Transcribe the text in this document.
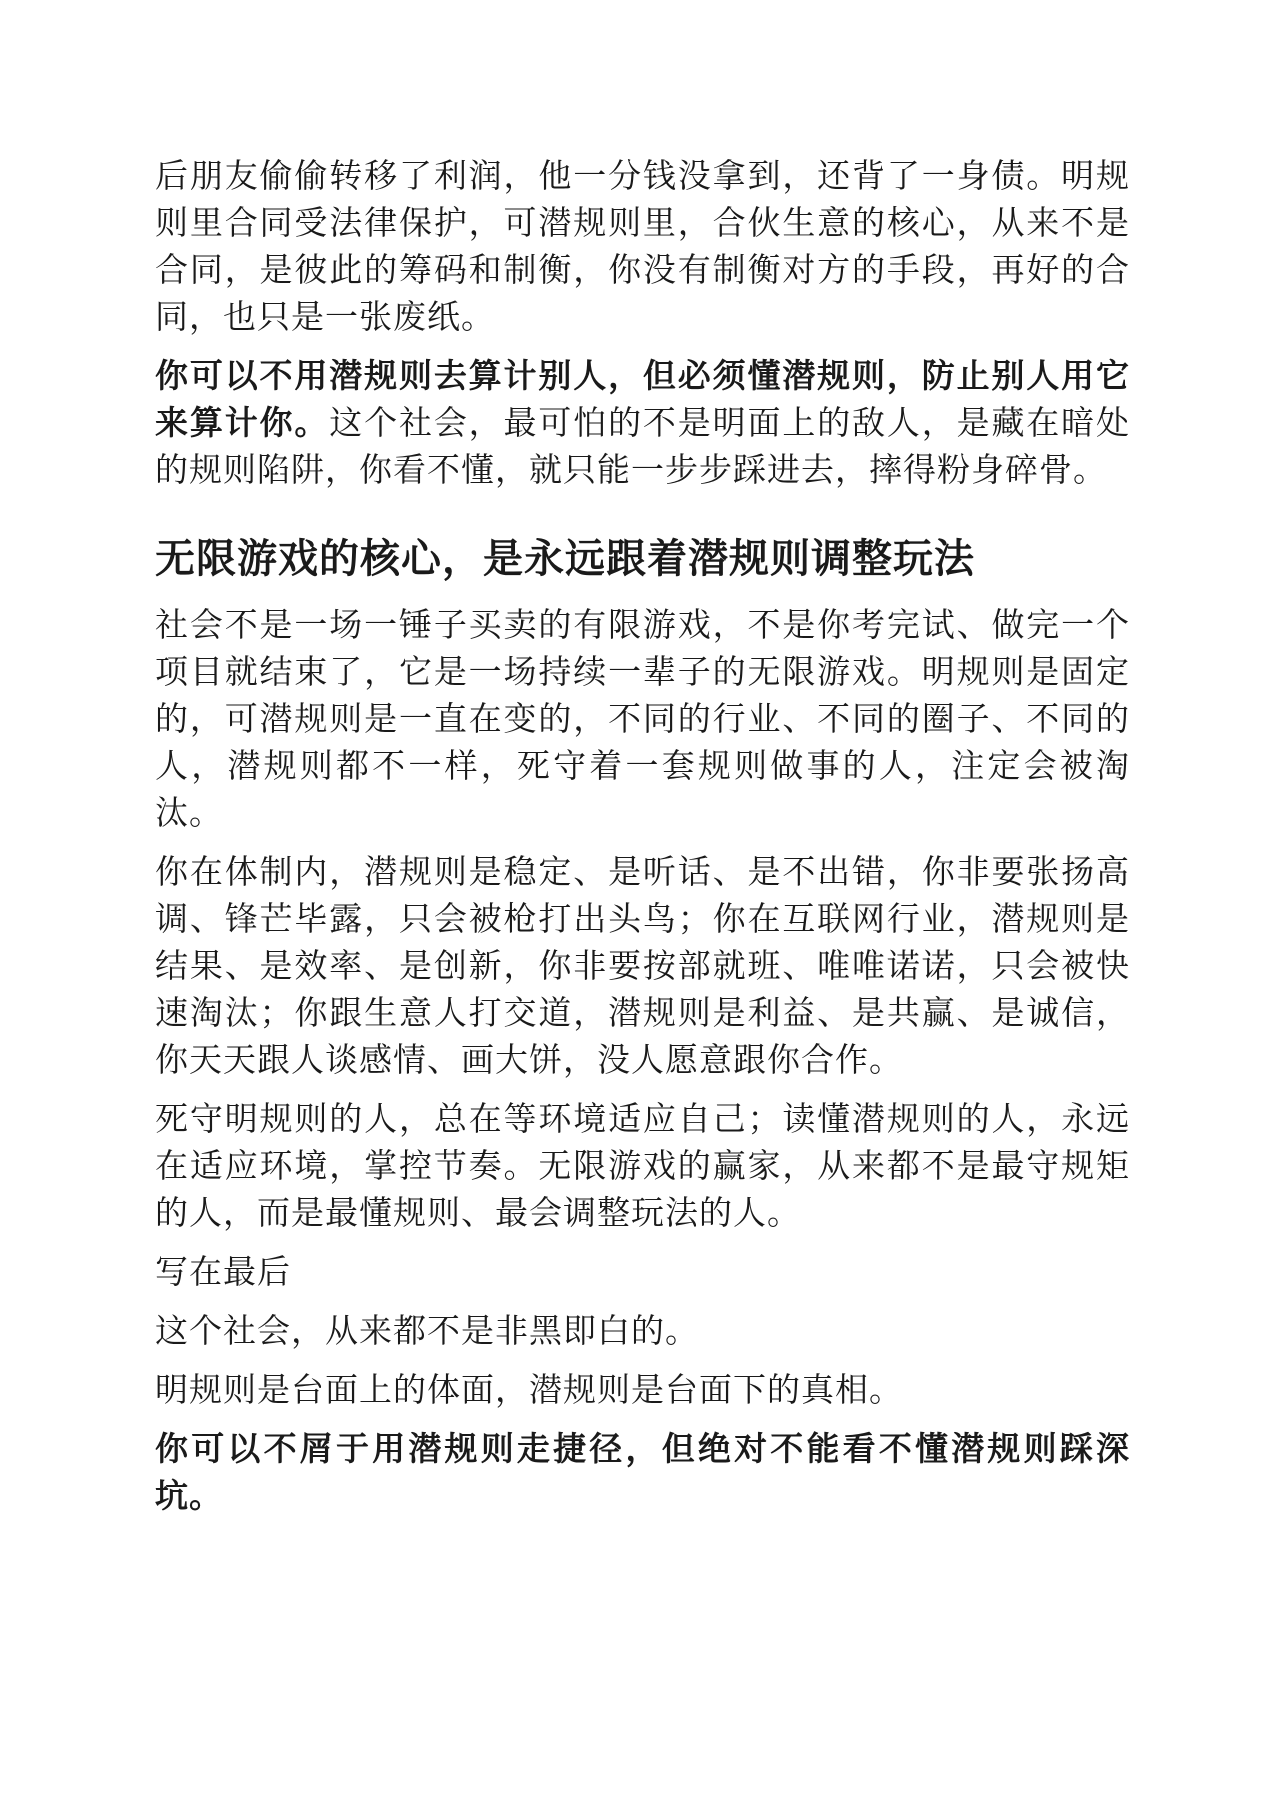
后朋友偷偷转移了利润，他一分钱没拿到，还背了一身债。明规则里合同受法律保护，可潜规则里，合伙生意的核心，从来不是合同，是彼此的筹码和制衡，你没有制衡对方的手段，再好的合同，也只是一张废纸。

你可以不用潜规则去算计别人，但必须懂潜规则，防止别人用它来算计你。这个社会，最可怕的不是明面上的敌人，是藏在暗处的规则陷阱，你看不懂，就只能一步步踩进去，摔得粉身碎骨。

无限游戏的核心，是永远跟着潜规则调整玩法

社会不是一场一锤子买卖的有限游戏，不是你考完试、做完一个项目就结束了，它是一场持续一辈子的无限游戏。明规则是固定的，可潜规则是一直在变的，不同的行业、不同的圈子、不同的人，潜规则都不一样，死守着一套规则做事的人，注定会被淘汰。

你在体制内，潜规则是稳定、是听话、是不出错，你非要张扬高调、锋芒毕露，只会被枪打出头鸟；你在互联网行业，潜规则是结果、是效率、是创新，你非要按部就班、唯唯诺诺，只会被快速淘汰；你跟生意人打交道，潜规则是利益、是共赢、是诚信，你天天跟人谈感情、画大饼，没人愿意跟你合作。

死守明规则的人，总在等环境适应自己；读懂潜规则的人，永远在适应环境，掌控节奏。无限游戏的赢家，从来都不是最守规矩的人，而是最懂规则、最会调整玩法的人。

写在最后

这个社会，从来都不是非黑即白的。

明规则是台面上的体面，潜规则是台面下的真相。

你可以不屑于用潜规则走捷径，但绝对不能看不懂潜规则踩深坑。
